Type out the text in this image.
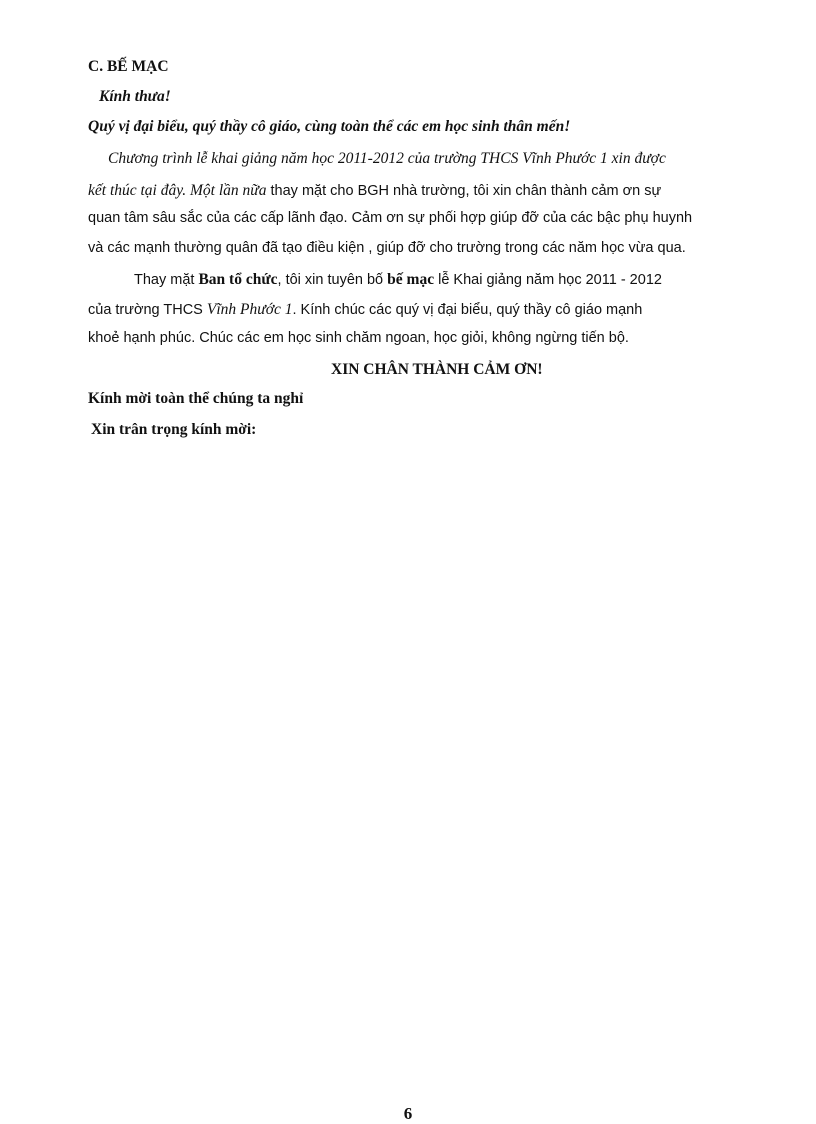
C. BẾ MẠC
Kính thưa!
Quý vị đại biểu, quý thầy cô giáo, cùng toàn thể các em học sinh thân mến!
Chương trình lễ khai giảng năm học 2011-2012 của trường THCS Vĩnh Phước 1 xin được
kết thúc tại đây. Một lần nữa thay mặt cho BGH nhà trường, tôi xin chân thành cảm ơn sự
quan tâm sâu sắc của các cấp lãnh đạo. Cảm ơn sự phối hợp giúp đỡ của các bậc phụ huynh
và các mạnh thường quân đã tạo điều kiện , giúp đỡ cho trường trong các năm học vừa qua.
Thay mặt Ban tổ chức, tôi xin tuyên bố bế mạc lễ Khai giảng năm học 2011 - 2012
của trường THCS Vĩnh Phước 1. Kính chúc các quý vị đại biểu, quý thầy cô giáo mạnh
khoẻ hạnh phúc. Chúc các em học sinh chăm ngoan, học giỏi, không ngừng tiến bộ.
XIN CHÂN THÀNH CẢM ƠN!
Kính mời toàn thể chúng ta nghỉ
Xin trân trọng kính mời:
6
